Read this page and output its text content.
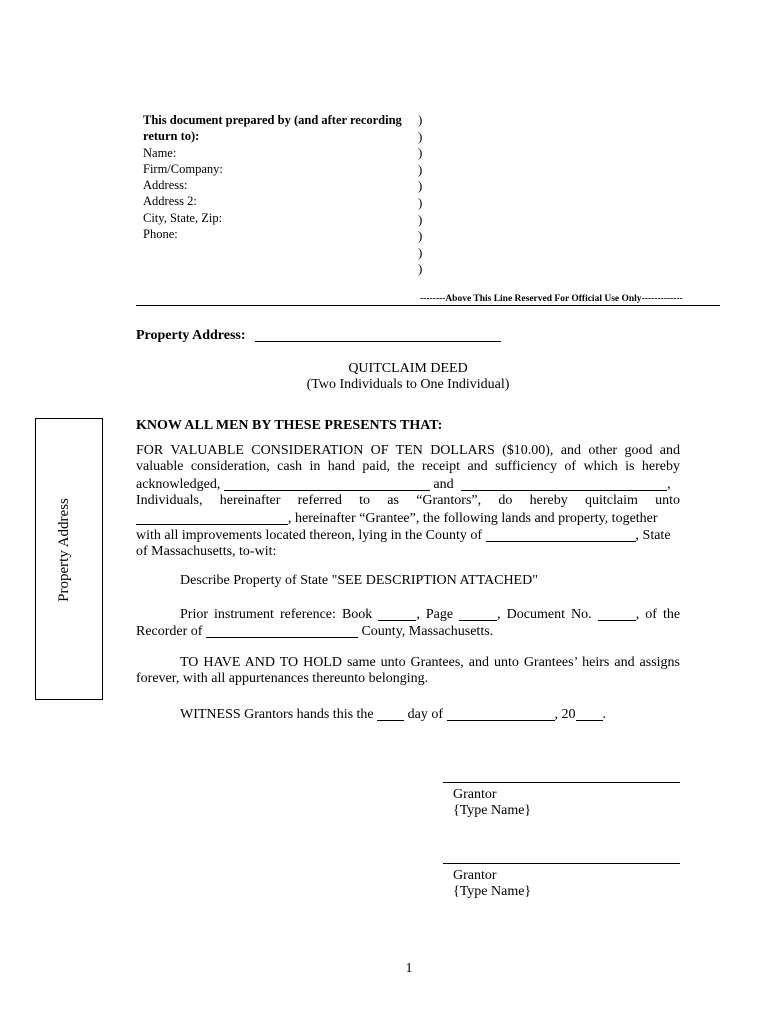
This document prepared by (and after recording
return to):
Name:
Firm/Company:
Address:
Address 2:
City, State, Zip:
Phone:
)
)
)
)
)
)
)
)
)
)
--------Above This Line Reserved For Official Use Only-------------
Property Address:
QUITCLAIM DEED
(Two Individuals to One Individual)
KNOW ALL MEN BY THESE PRESENTS THAT:
FOR VALUABLE CONSIDERATION OF TEN DOLLARS ($10.00), and other good and
valuable consideration, cash in hand paid, the receipt and sufficiency of which is hereby
acknowledged,	and	,
Individuals, hereinafter referred to as “Grantors”, do hereby quitclaim unto
, hereinafter “Grantee”, the following lands and property, together
with all improvements located thereon, lying in the County of	, State
of Massachusetts, to-wit:
Describe Property of State "SEE DESCRIPTION ATTACHED"
Prior instrument reference: Book	, Page	, Document No.	, of the
Recorder of	County, Massachusetts.
TO HAVE AND TO HOLD same unto Grantees, and unto Grantees’ heirs and assigns forever, with all appurtenances thereunto belonging.
WITNESS Grantors hands this the day of	, 20 .
Grantor
{Type Name}
Grantor
{Type Name}
Property Address
1
